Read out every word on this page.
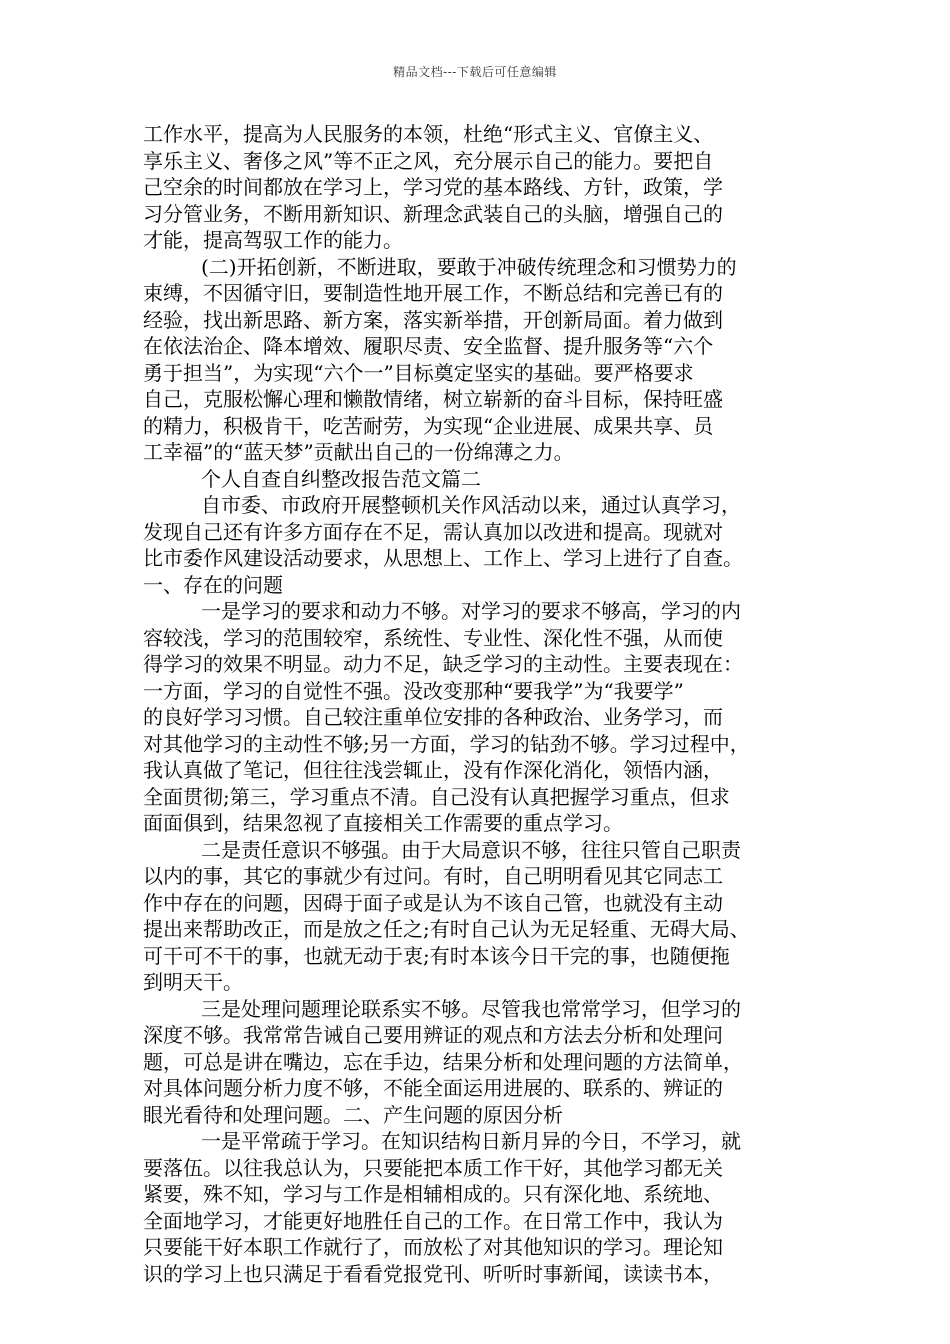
精品文档---下载后可任意编辑
工作水平，提高为人民服务的本领，杜绝“形式主义、官僚主义、
享乐主义、奢侈之风”等不正之风，充分展示自己的能力。要把自
己空余的时间都放在学习上，学习党的基本路线、方针，政策，学
习分管业务，不断用新知识、新理念武装自己的头脑，增强自己的
才能，提高驾驭工作的能力。
(二)开拓创新，不断进取，要敢于冲破传统理念和习惯势力的
束缚，不因循守旧，要制造性地开展工作，不断总结和完善已有的
经验，找出新思路、新方案，落实新举措，开创新局面。着力做到
在依法治企、降本增效、履职尽责、安全监督、提升服务等“六个
勇于担当”，为实现“六个一”目标奠定坚实的基础。要严格要求
自己，克服松懈心理和懒散情绪，树立崭新的奋斗目标，保持旺盛
的精力，积极肯干，吃苦耐劳，为实现“企业进展、成果共享、员
工幸福”的“蓝天梦”贡献出自己的一份绵薄之力。
个人自查自纠整改报告范文篇二
自市委、市政府开展整顿机关作风活动以来，通过认真学习，
发现自己还有许多方面存在不足，需认真加以改进和提高。现就对
比市委作风建设活动要求，从思想上、工作上、学习上进行了自查。
一、存在的问题
一是学习的要求和动力不够。对学习的要求不够高，学习的内
容较浅，学习的范围较窄，系统性、专业性、深化性不强，从而使
得学习的效果不明显。动力不足，缺乏学习的主动性。主要表现在：
一方面，学习的自觉性不强。没改变那种“要我学”为“我要学”
的良好学习习惯。自己较注重单位安排的各种政治、业务学习，而
对其他学习的主动性不够;另一方面，学习的钻劲不够。学习过程中，
我认真做了笔记，但往往浅尝辄止，没有作深化消化，领悟内涵，
全面贯彻;第三，学习重点不清。自己没有认真把握学习重点，但求
面面俱到，结果忽视了直接相关工作需要的重点学习。
二是责任意识不够强。由于大局意识不够，往往只管自己职责
以内的事，其它的事就少有过问。有时，自己明明看见其它同志工
作中存在的问题，因碍于面子或是认为不该自己管，也就没有主动
提出来帮助改正，而是放之任之;有时自己认为无足轻重、无碍大局、
可干可不干的事，也就无动于衷;有时本该今日干完的事，也随便拖
到明天干。
三是处理问题理论联系实不够。尽管我也常常学习，但学习的
深度不够。我常常告诫自己要用辨证的观点和方法去分析和处理问
题，可总是讲在嘴边，忘在手边，结果分析和处理问题的方法简单，
对具体问题分析力度不够，不能全面运用进展的、联系的、辨证的
眼光看待和处理问题。二、产生问题的原因分析
一是平常疏于学习。在知识结构日新月异的今日，不学习，就
要落伍。以往我总认为，只要能把本质工作干好，其他学习都无关
紧要，殊不知，学习与工作是相辅相成的。只有深化地、系统地、
全面地学习，才能更好地胜任自己的工作。在日常工作中，我认为
只要能干好本职工作就行了，而放松了对其他知识的学习。理论知
识的学习上也只满足于看看党报党刊、听听时事新闻，读读书本，
